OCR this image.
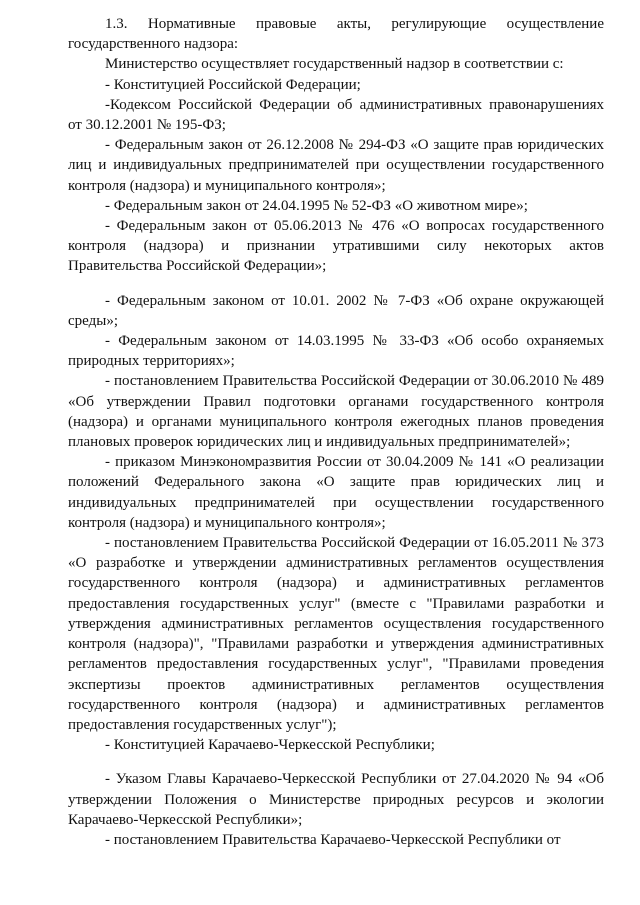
1.3. Нормативные правовые акты, регулирующие осуществление государственного надзора:

Министерство осуществляет государственный надзор в соответствии с:

- Конституцией Российской Федерации;

-Кодексом Российской Федерации об административных правонарушениях от 30.12.2001 № 195-ФЗ;

- Федеральным закон от 26.12.2008 № 294-ФЗ «О защите прав юридических лиц и индивидуальных предпринимателей при осуществлении государственного контроля (надзора) и муниципального контроля»;

- Федеральным закон от 24.04.1995 № 52-ФЗ «О животном мире»;

- Федеральным закон от 05.06.2013 № 476 «О вопросах государственного контроля (надзора) и признании утратившими силу некоторых актов Правительства Российской Федерации»;

- Федеральным законом от 10.01. 2002 № 7-ФЗ «Об охране окружающей среды»;

- Федеральным законом от 14.03.1995 № 33-ФЗ «Об особо охраняемых природных территориях»;

- постановлением Правительства Российской Федерации от 30.06.2010 № 489 «Об утверждении Правил подготовки органами государственного контроля (надзора) и органами муниципального контроля ежегодных планов проведения плановых проверок юридических лиц и индивидуальных предпринимателей»;

- приказом Минэкономразвития России от 30.04.2009 № 141 «О реализации положений Федерального закона «О защите прав юридических лиц и индивидуальных предпринимателей при осуществлении государственного контроля (надзора) и муниципального контроля»;

- постановлением Правительства Российской Федерации от 16.05.2011 № 373 «О разработке и утверждении административных регламентов осуществления государственного контроля (надзора) и административных регламентов предоставления государственных услуг" (вместе с "Правилами разработки и утверждения административных регламентов осуществления государственного контроля (надзора)", "Правилами разработки и утверждения административных регламентов предоставления государственных услуг", "Правилами проведения экспертизы проектов административных регламентов осуществления государственного контроля (надзора) и административных регламентов предоставления государственных услуг");

- Конституцией Карачаево-Черкесской Республики;

- Указом Главы Карачаево-Черкесской Республики от 27.04.2020 № 94 «Об утверждении Положения о Министерстве природных ресурсов и экологии Карачаево-Черкесской Республики»;

- постановлением Правительства Карачаево-Черкесской Республики от
